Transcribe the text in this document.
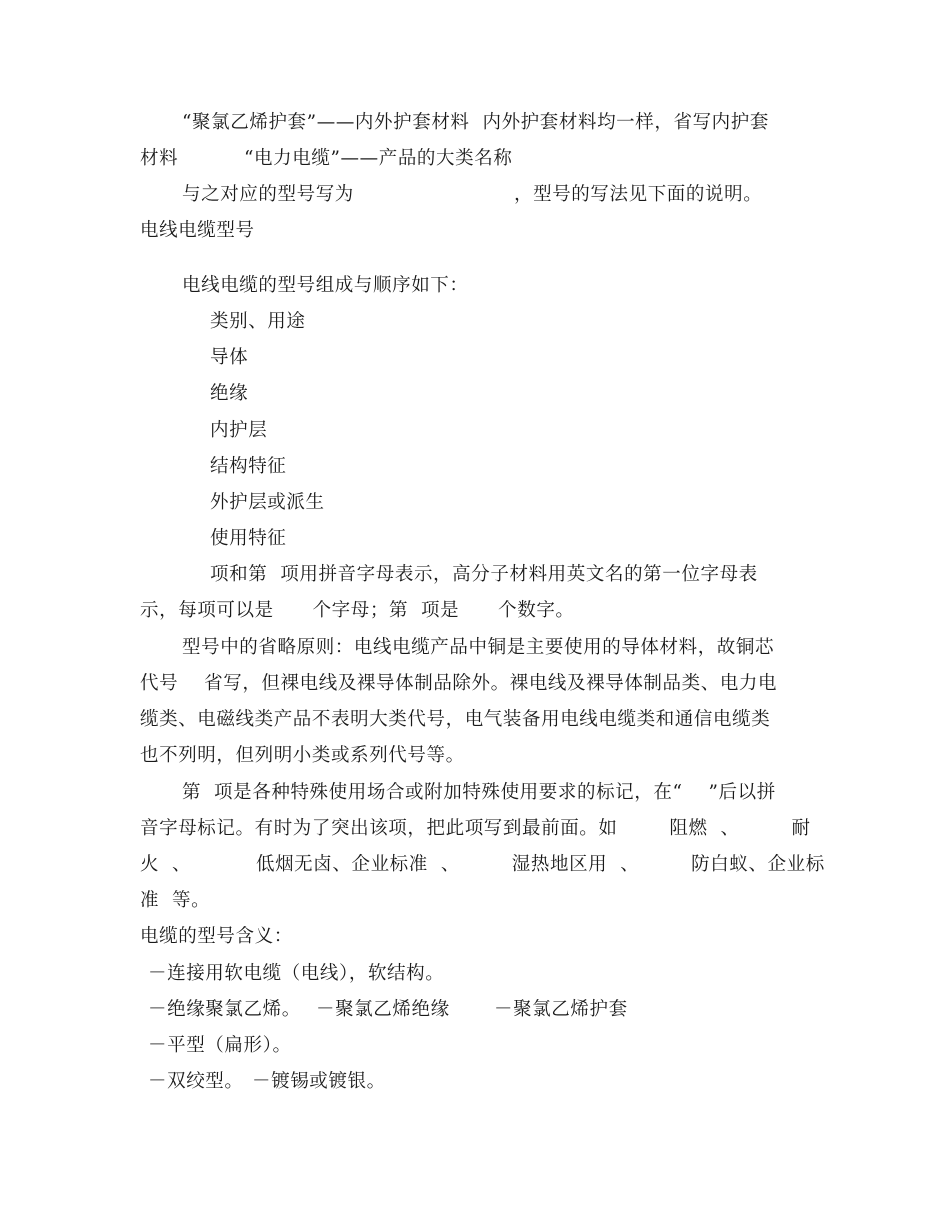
“聚氯乙烯护套”——内外护套材料  内外护套材料均一样，省写内护套
材料	“电力电缆”——产品的大类名称
与之对应的型号写为	，型号的写法见下面的说明。
电线电缆型号
电线电缆的型号组成与顺序如下：
类别、用途
导体
绝缘
内护层
结构特征
外护层或派生
使用特征
项和第  项用拼音字母表示，高分子材料用英文名的第一位字母表
示，每项可以是      个字母；第  项是      个数字。
型号中的省略原则：电线电缆产品中铜是主要使用的导体材料，故铜芯
代号    省写，但裸电线及裸导体制品除外。裸电线及裸导体制品类、电力电
缆类、电磁线类产品不表明大类代号，电气装备用电线电缆类和通信电缆类
也不列明，但列明小类或系列代号等。
第  项是各种特殊使用场合或附加特殊使用要求的标记，在“    ”后以拼
音字母标记。有时为了突出该项，把此项写到最前面。如        阻燃  、        耐
火  、          低烟无卤、企业标准  、        湿热地区用  、        防白蚁、企业标
准  等。
电缆的型号含义：
－连接用软电缆（电线），软结构。
－绝缘聚氯乙烯。 －聚氯乙烯绝缘 －聚氯乙烯护套
－平型（扁形）。
－双绞型。 －镀锡或镀银。
